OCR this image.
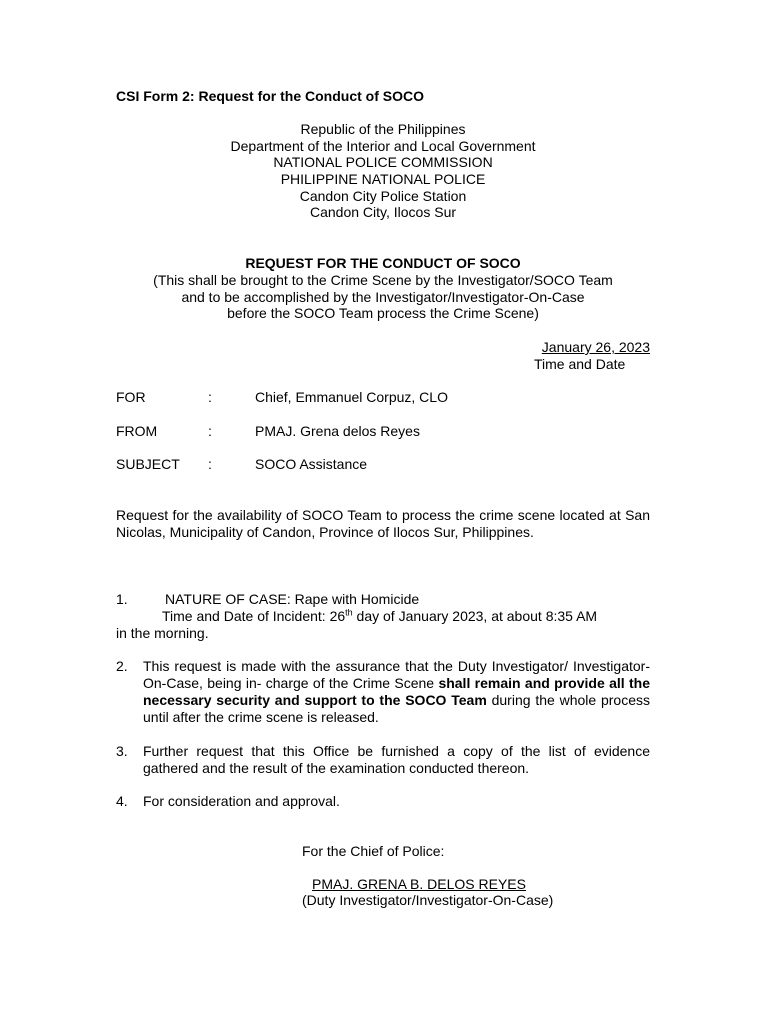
CSI Form 2: Request for the Conduct of SOCO
Republic of the Philippines
Department of the Interior and Local Government
NATIONAL POLICE COMMISSION
PHILIPPINE NATIONAL POLICE
Candon City Police Station
Candon City, Ilocos Sur
REQUEST FOR THE CONDUCT OF SOCO
(This shall be brought to the Crime Scene by the Investigator/SOCO Team
and to be accomplished by the Investigator/Investigator-On-Case
before the SOCO Team process the Crime Scene)
January 26, 2023
Time and Date
FOR	:	Chief, Emmanuel Corpuz, CLO
FROM	:	PMAJ. Grena delos Reyes
SUBJECT :	SOCO Assistance
Request for the availability of SOCO Team to process the crime scene located at San Nicolas, Municipality of Candon, Province of Ilocos Sur, Philippines.
1.	NATURE OF CASE: Rape with Homicide
Time and Date of Incident: 26th day of January 2023, at about 8:35 AM
in the morning.
2. This request is made with the assurance that the Duty Investigator/ Investigator-On-Case, being in- charge of the Crime Scene shall remain and provide all the necessary security and support to the SOCO Team during the whole process until after the crime scene is released.
3. Further request that this Office be furnished a copy of the list of evidence gathered and the result of the examination conducted thereon.
4. For consideration and approval.
For the Chief of Police:
PMAJ. GRENA B. DELOS REYES
(Duty Investigator/Investigator-On-Case)
